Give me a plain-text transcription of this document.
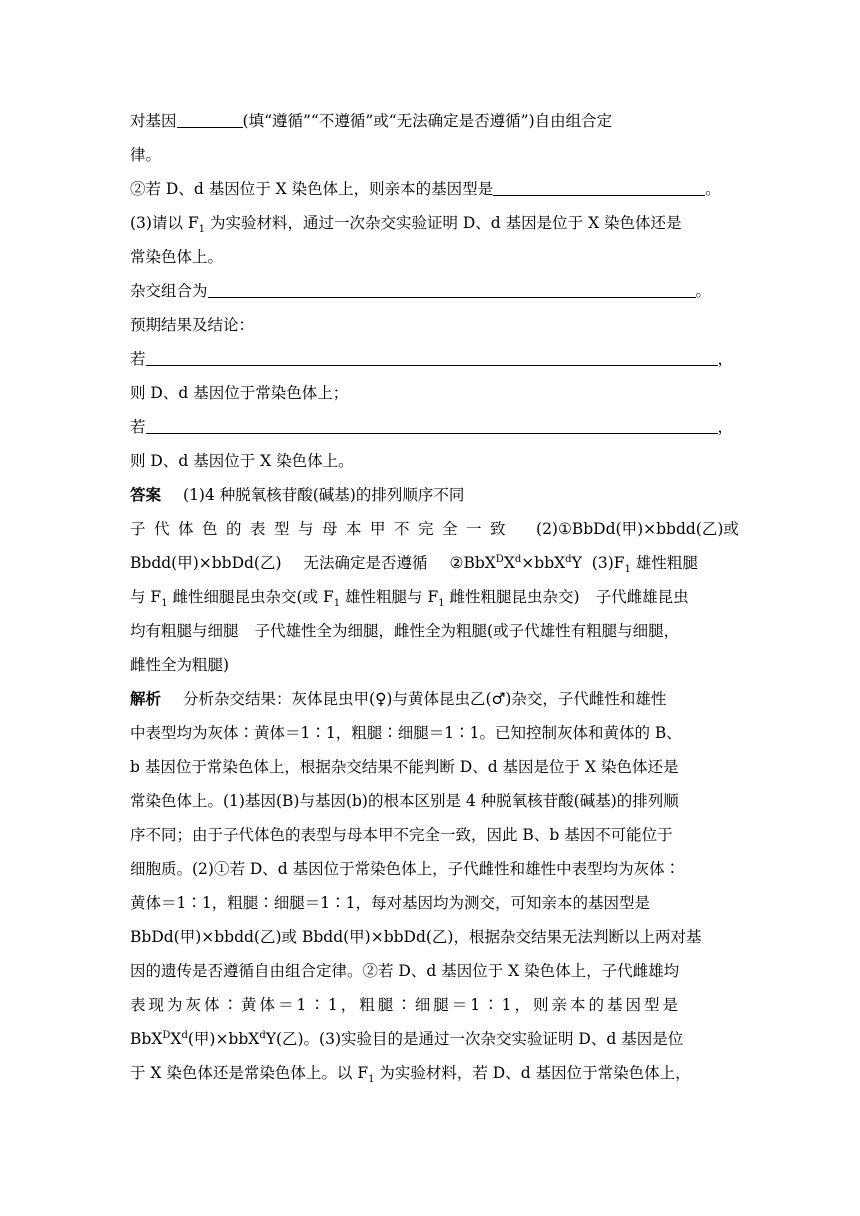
对基因	(填“遵循”“不遵循”或“无法确定是否遵循”)自由组合定
律。
②若 D、d 基因位于 X 染色体上，则亲本的基因型是	。
(3)请以 $F_1$ 为实验材料，通过一次杂交实验证明 D、d 基因是位于 X 染色体还是
常染色体上。
杂交组合为	。
预期结果及结论：
若	，
则 D、d 基因位于常染色体上；
若	，
则 D、d 基因位于 X 染色体上。
答案 (1)4 种脱氧核苷酸(碱基)的排列顺序不同
子代体色的表型与母本甲不完全一致 (2)①BbDd(甲)×bbdd(乙)或
Bbdd(甲)×bbDd(乙) 无法确定是否遵循 $②BbX^DX^d\times bbX^dY$ $(3)F_1$ 雄性粗腿
与 $F_1$ 雌性细腿昆虫杂交(或 $F_1$ 雄性粗腿与 $F_1$ 雌性粗腿昆虫杂交) 子代雌雄昆虫
均有粗腿与细腿 子代雄性全为细腿，雌性全为粗腿(或子代雄性有粗腿与细腿，
雌性全为粗腿)
解析 分析杂交结果：灰体昆虫甲(♀)与黄体昆虫乙(♂)杂交，子代雌性和雄性
中表型均为灰体∶黄体＝1∶1，粗腿∶细腿＝1∶1。已知控制灰体和黄体的 B、
b 基因位于常染色体上，根据杂交结果不能判断 D、d 基因是位于 X 染色体还是
常染色体上。(1)基因(B)与基因(b)的根本区别是 4 种脱氧核苷酸(碱基)的排列顺
序不同；由于子代体色的表型与母本甲不完全一致，因此 B、b 基因不可能位于
细胞质。(2)①若 D、d 基因位于常染色体上，子代雌性和雄性中表型均为灰体∶
黄体＝1∶1，粗腿∶细腿＝1∶1，每对基因均为测交，可知亲本的基因型是
BbDd(甲)×bbdd(乙)或 Bbdd(甲)×bbDd(乙)，根据杂交结果无法判断以上两对基
因的遗传是否遵循自由组合定律。②若 D、d 基因位于 X 染色体上，子代雌雄均
表现为灰体∶黄体＝1∶1，粗腿∶细腿＝1∶1，则亲本的基因型是
$BbX^DX^d$(甲)×bbX$^d$Y(乙)。(3)实验目的是通过一次杂交实验证明 D、d 基因是位
于 X 染色体还是常染色体上。以 $F_1$ 为实验材料，若 D、d 基因位于常染色体上，
